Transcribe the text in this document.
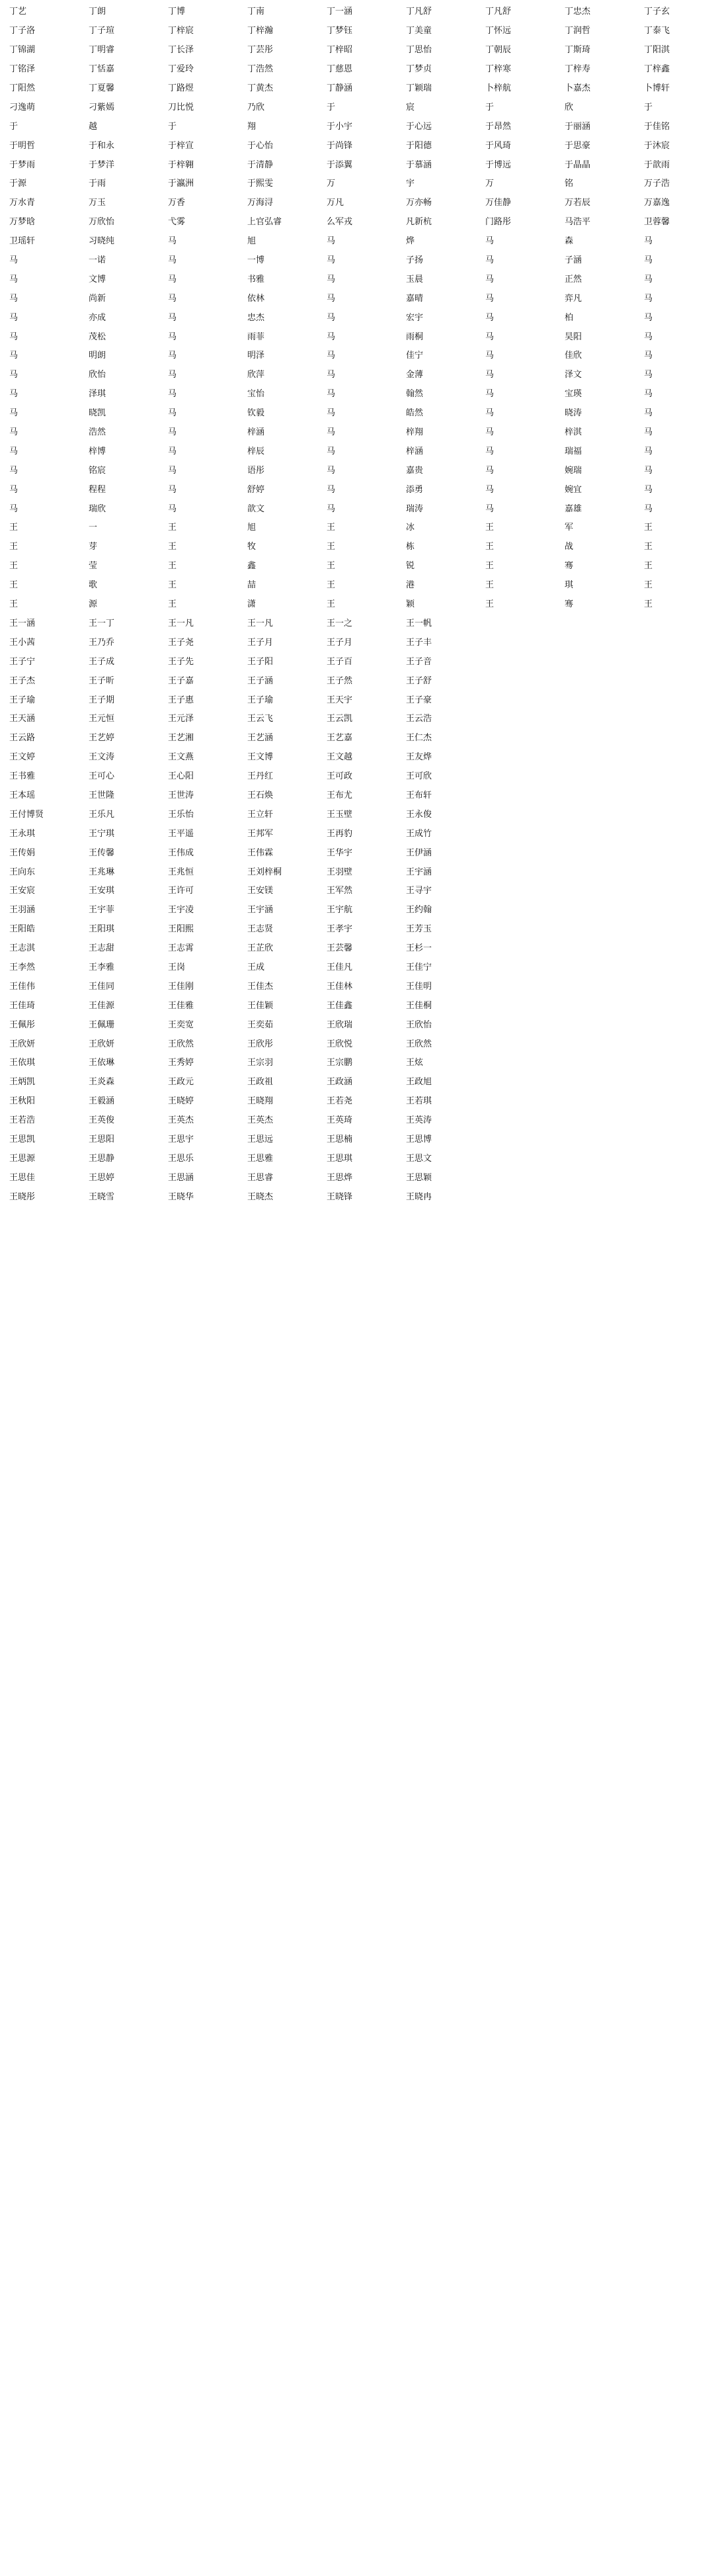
丁艺	丁朗	丁博	丁南	丁一涵	丁凡舒	丁凡舒	丁忠杰	丁子玄
丁子洛	丁子瑄	丁梓宸	丁梓瀚	丁梦钰	丁美童	丁怀远	丁润哲	丁泰飞
丁锦湖	丁明睿	丁长泽	丁芸彤	丁梓昭	丁思怡	丁朝辰	丁斯琦	丁阳淇
丁铭泽	丁恬嘉	丁爱玲	丁浩然	丁慈恩	丁梦贞	丁梓寒	丁梓寿	丁梓鑫
丁阳然	丁夏馨	丁路煜	丁黄杰	丁静涵	丁颖瑞	卜梓航	卜嘉杰	卜博轩
刁逸萌	刁紫嫣	刀比悦	乃欣	于	宸	于	欣	于
于	越	于	翔	于小宇	于心远	于昂然	于丽涵	于佳铭
于明哲	于和永	于梓宣	于心怡	于尚锋	于阳德	于风琦	于思豪	于沐宸
于梦雨	于梦洋	于梓翱	于清静	于添翼	于慕涵	于博远	于晶晶	于歆雨
于源	于雨	于瀛洲	于熙雯	万	宇	万	铭	万子浩
万水青	万玉	万香	万海浔	万凡	万亦畅	万佳静	万若辰	万嘉逸
万梦晗	万欣怡	弋雾	上官弘睿	么军戎	凡新杭	门路彤	马浩平	卫蓉馨
卫瑶轩	习晓纯	马	旭	马	烨	马	森	马
马	一诺	马	一博	马	子扬	马	子涵	马
马	文博	马	书雅	马	玉晨	马	正然	马
马	尚新	马	依林	马	嘉晴	马	弈凡	马
马	亦成	马	忠杰	马	宏宇	马	柏	马
马	茂松	马	雨菲	马	雨桐	马	昊阳	马
马	明朗	马	明泽	马	佳宁	马	佳欣	马
马	欣怡	马	欣萍	马	金薄	马	泽文	马
马	泽琪	马	宝怡	马	翰然	马	宝瑛	马
马	晓凯	马	钦毅	马	皓然	马	晓涛	马
马	浩然	马	梓涵	马	梓翔	马	梓淇	马
马	梓博	马	梓辰	马	梓涵	马	瑞福	马
马	铭宸	马	语彤	马	嘉贵	马	婉瑞	马
马	程程	马	舒婷	马	添勇	马	婉宜	马
马	瑞欣	马	歆文	马	瑞涛	马	嘉雄	马
王	一	王	旭	王	冰	王	军	王
王	芽	王	牧	王	栋	王	战	王
王	莹	王	鑫	王	锐	王	骞	王
王	歌	王	喆	王	港	王	琪	王
王	源	王	潇	王	颖	王	骞	王
王一涵	王一丁	王一凡	王一凡	王一之	王一帆
王小茜	王乃乔	王子尧	王子月	王子月	王子丰
王子宁	王子成	王子先	王子阳	王子百	王子音
王子杰	王子昕	王子嘉	王子涵	王子然	王子舒
王子瑜	王子期	王子惠	王子瑜	王天宇	王子豪
王天涵	王元恒	王元泽	王云飞	王云凯	王云浩
王云路	王艺婷	王艺湘	王艺涵	王艺嘉	王仁杰
王文婷	王文涛	王文燕	王文博	王文越	王友烨
王书雅	王可心	王心阳	王丹红	王可政	王可欣
王本瑶	王世隆	王世涛	王石焕	王布尤	王布轩
王付博贤	王乐凡	王乐怡	王立轩	王玉壁	王永俊
王永琪	王宁琪	王平遥	王邦军	王再豹	王成竹
王传娟	王传馨	王伟成	王伟霖	王华宇	王伊涵
王向东	王兆琳	王兆恒	王刘梓桐	王羽壁	王宇涵
王安宸	王安琪	王许可	王安镁	王军然	王寻宇
王羽涵	王宇菲	王宇凌	王宇涵	王宇航	王约翰
王阳皓	王阳琪	王阳熙	王志贤	王孝宇	王芳玉
王志淇	王志甜	王志霄	王芷欣	王芸馨	王杉一
王李然	王李雅	王岗	王成	王佳凡	王佳宁
王佳伟	王佳同	王佳刚	王佳杰	王佳林	王佳明
王佳琦	王佳源	王佳雅	王佳颖	王佳鑫	王佳桐
王佩彤	王佩珊	王奕宽	王奕茹	王欣瑞	王欣怡
王欣妍	王欣妍	王欣然	王欣彤	王欣悦	王欣然
王依琪	王依琳	王秀婷	王宗羽	王宗鹏	王炫
王炳凯	王炎森	王政元	王政祖	王政涵	王政旭
王秋阳	王毅涵	王晓婷	王晓翔	王若尧	王若琪
王若浩	王英俊	王英杰	王英杰	王英琦	王英涛
王思凯	王思阳	王思宇	王思远	王思楠	王思博
王思源	王思静	王思乐	王思雅	王思琪	王思文
王思佳	王思婷	王思涵	王思睿	王思烨	王思颖
王晓彤	王晓雪	王晓华	王晓杰	王晓锋	王晓冉
